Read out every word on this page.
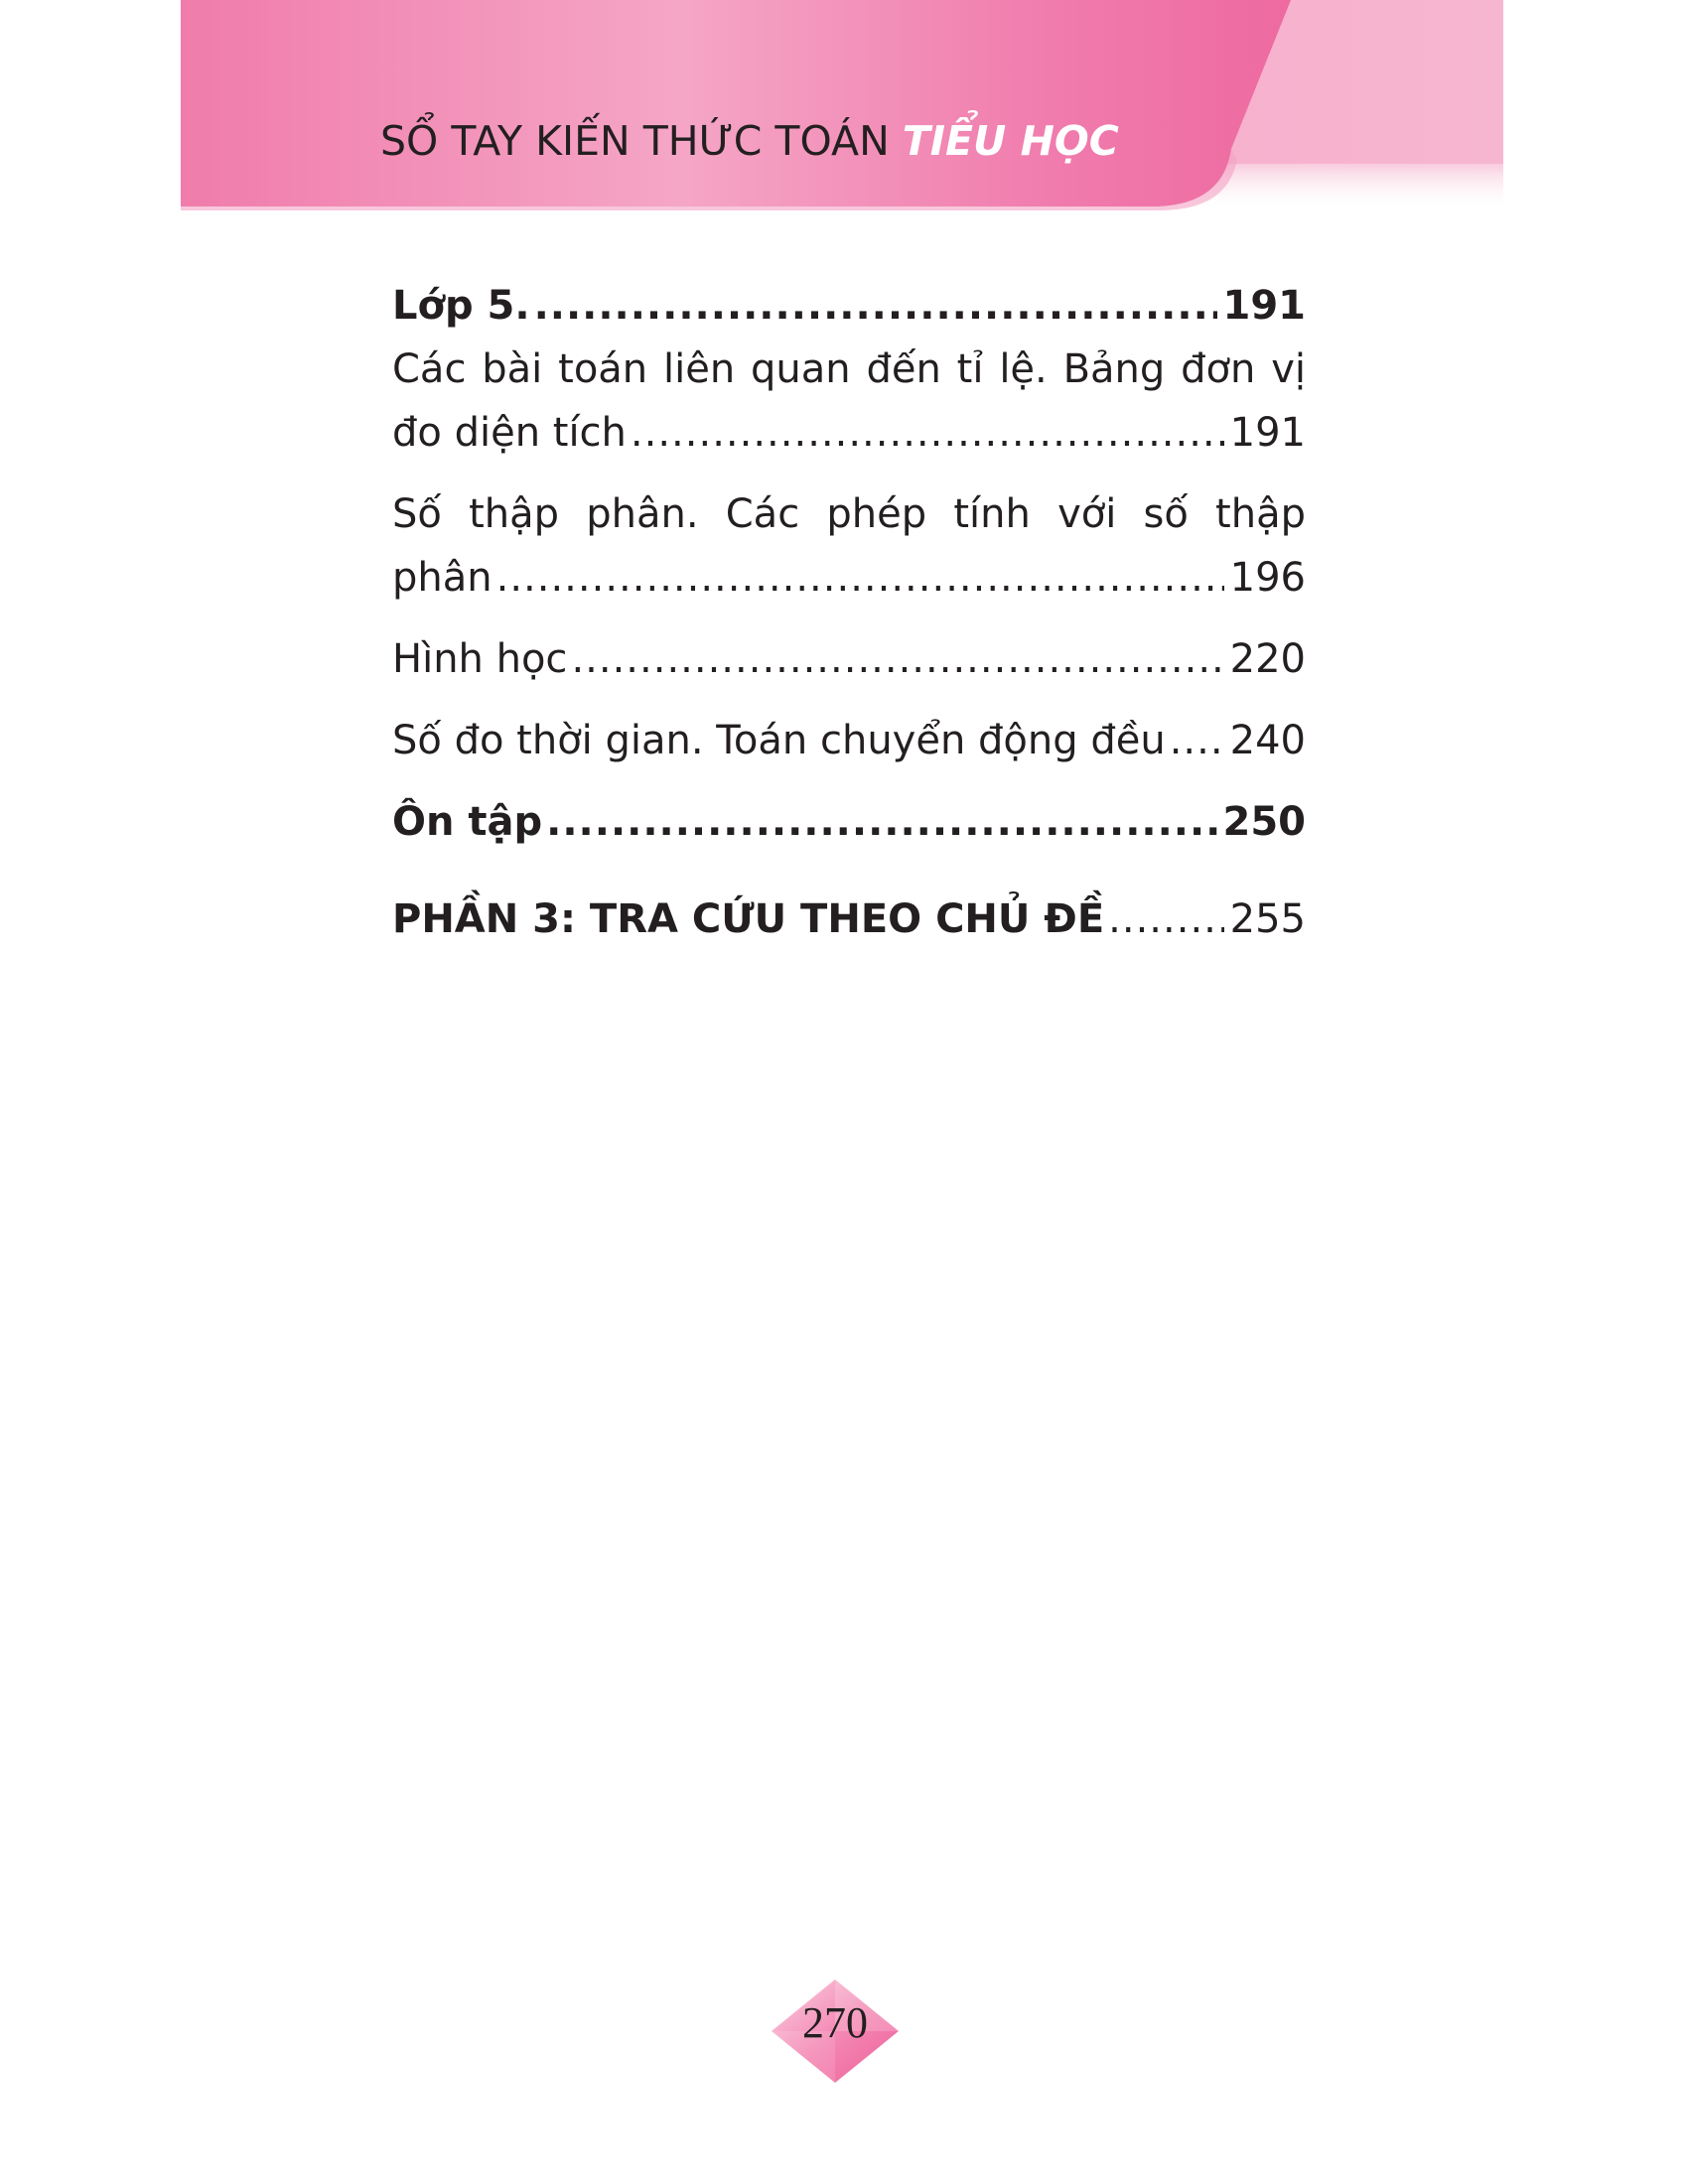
SỔ TAY KIẾN THỨC TOÁN TIỂU HỌC
Lớp 5. .....	191
Các bài toán liên quan đến tỉ lệ. Bảng đơn vị
đo diện tích .....	191
Số thập phân. Các phép tính với số thập
phân .....	196
Hình học .....	220
Số đo thời gian. Toán chuyển động đều ..... 240
Ôn tập .....	250
PHẦN 3: TRA CỨU THEO CHỦ ĐỀ .....	255
270
